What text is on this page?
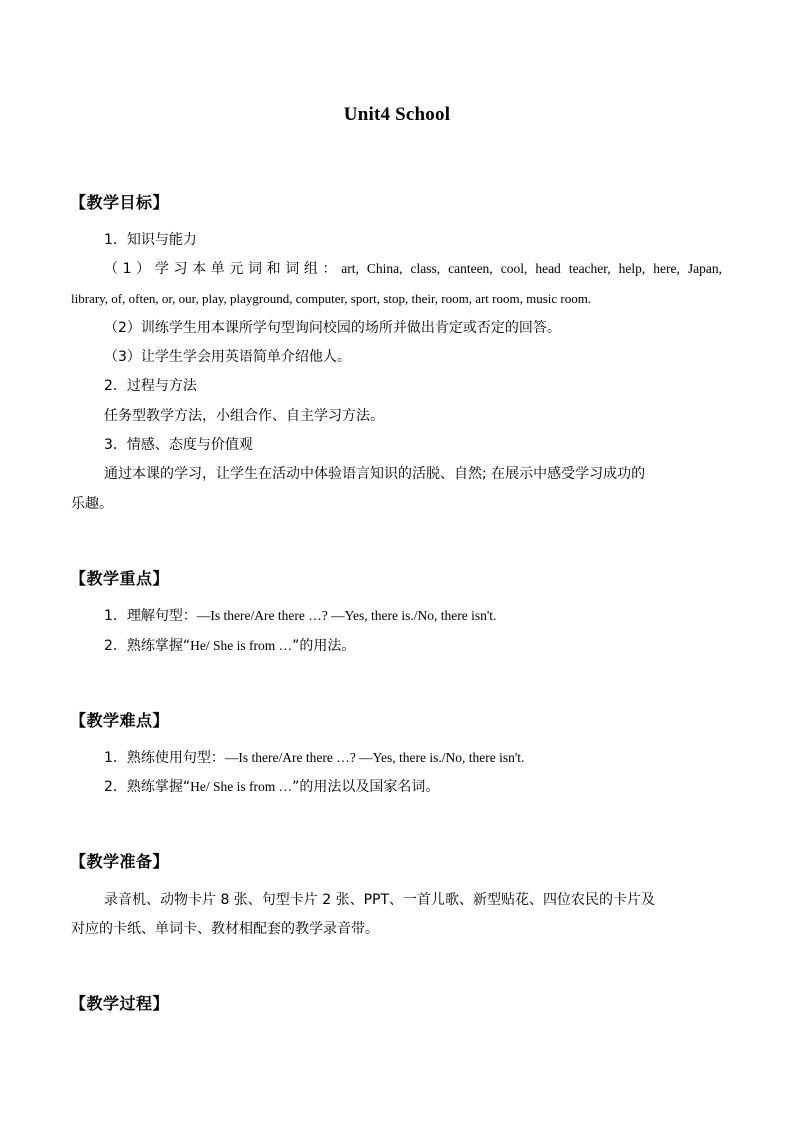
Unit4 School
【教学目标】
1．知识与能力
（1）学习本单元词和词组：art, China, class, canteen, cool, head teacher, help, here, Japan,
library, of, often, or, our, play, playground, computer, sport, stop, their, room, art room, music room.
（2）训练学生用本课所学句型询问校园的场所并做出肯定或否定的回答。
（3）让学生学会用英语简单介绍他人。
2．过程与方法
任务型教学方法，小组合作、自主学习方法。
3．情感、态度与价值观
通过本课的学习，让学生在活动中体验语言知识的活脱、自然; 在展示中感受学习成功的
乐趣。
【教学重点】
1．理解句型：—Is there/Are there …? —Yes, there is./No, there isn't.
2．熟练掌握“He/ She is from …”的用法。
【教学难点】
1．熟练使用句型：—Is there/Are there …? —Yes, there is./No, there isn't.
2．熟练掌握“He/ She is from …”的用法以及国家名词。
【教学准备】
录音机、动物卡片 8 张、句型卡片 2 张、PPT、一首儿歌、新型贴花、四位农民的卡片及
对应的卡纸、单词卡、教材相配套的教学录音带。
【教学过程】
